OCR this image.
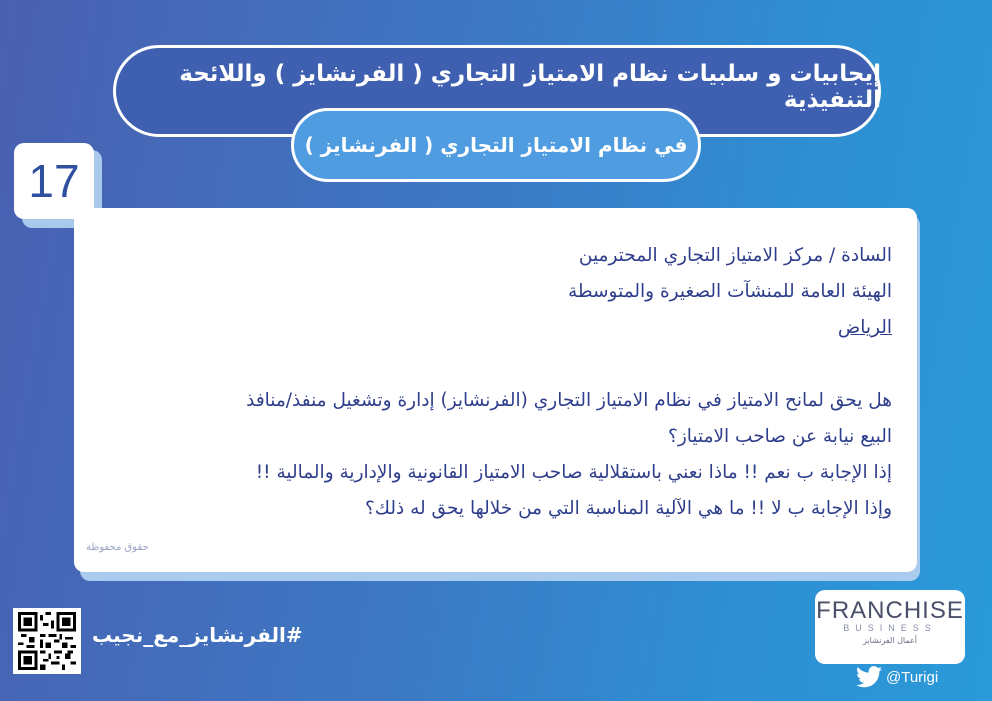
إيجابيات و سلبيات نظام الامتياز التجاري ( الفرنشايز ) واللائحة التنفيذية
في نظام الامتياز التجاري ( الفرنشايز )
17
السادة / مركز الامتياز التجاري المحترمين
الهيئة العامة للمنشآت الصغيرة والمتوسطة
الرياض
هل يحق لمانح الامتياز في نظام الامتياز التجاري (الفرنشايز) إدارة وتشغيل منفذ/منافذ
البيع نيابة عن صاحب الامتياز؟
إذا الإجابة ب نعم !! ماذا نعني باستقلالية صاحب الامتياز القانونية والإدارية والمالية !!
وإذا الإجابة ب لا !! ما هي الآلية المناسبة التي من خلالها يحق له ذلك؟
حقوق محفوظة
#الفرنشايز_مع_نجيب
FRANCHISE
BUSINESS
أعمال الفرنشايز
@Turigi
